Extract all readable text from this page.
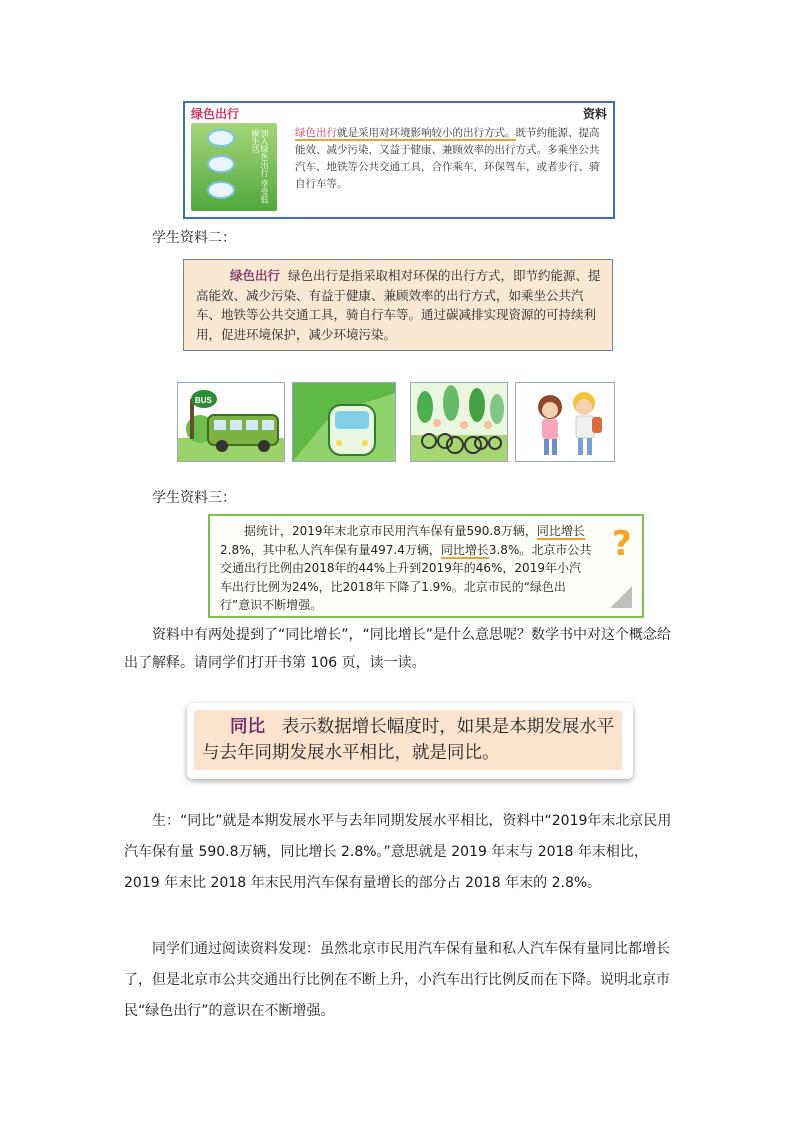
绿色出行	资料
加入绿色出行 享受低碳生活	绿色出行就是采用对环境影响较小的出行方式。既节约能源、提高能效、减少污染，又益于健康、兼顾效率的出行方式。多乘坐公共汽车、地铁等公共交通工具，合作乘车，环保驾车，或者步行、骑自行车等。
学生资料二：
绿色出行 绿色出行是指采取相对环保的出行方式，即节约能源、提高能效、减少污染、有益于健康、兼顾效率的出行方式，如乘坐公共汽车、地铁等公共交通工具，骑自行车等。通过碳减排实现资源的可持续利用，促进环境保护，减少环境污染。
BUS
学生资料三：
据统计，2019年末北京市民用汽车保有量590.8万辆，同比增长2.8%，其中私人汽车保有量497.4万辆，同比增长3.8%。北京市公共交通出行比例由2018年的44%上升到2019年的46%，2019年小汽车出行比例为24%，比2018年下降了1.9%。北京市民的“绿色出行”意识不断增强。
?
资料中有两处提到了“同比增长”，“同比增长”是什么意思呢？数学书中对这个概念给出了解释。请同学们打开书第 106 页，读一读。
同比 表示数据增长幅度时，如果是本期发展水平与去年同期发展水平相比，就是同比。
生：“同比”就是本期发展水平与去年同期发展水平相比，资料中“2019年末北京民用汽车保有量 590.8万辆，同比增长 2.8%。”意思就是 2019 年末与 2018 年末相比，2019 年末比 2018 年末民用汽车保有量增长的部分占 2018 年末的 2.8%。
同学们通过阅读资料发现：虽然北京市民用汽车保有量和私人汽车保有量同比都增长了，但是北京市公共交通出行比例在不断上升，小汽车出行比例反而在下降。说明北京市民“绿色出行”的意识在不断增强。
